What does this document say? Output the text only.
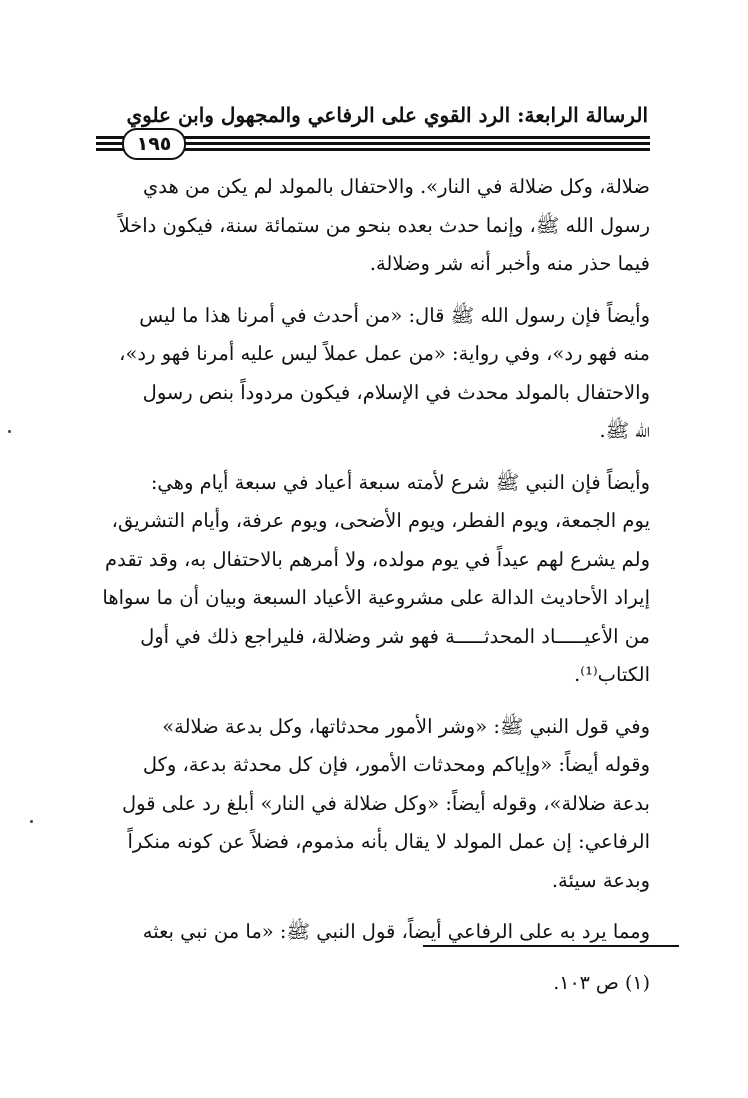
الرسالة الرابعة: الرد القوي على الرفاعي والمجهول وابن علوي
١٩٥
ضلالة، وكل ضلالة في النار». والاحتفال بالمولد لم يكن من هدي
رسول الله ﷺ، وإنما حدث بعده بنحو من ستمائة سنة، فيكون داخلاً
فيما حذر منه وأخبر أنه شر وضلالة.
وأيضاً فإن رسول الله ﷺ قال: «من أحدث في أمرنا هذا ما ليس
منه فهو رد»، وفي رواية: «من عمل عملاً ليس عليه أمرنا فهو رد»،
والاحتفال بالمولد محدث في الإسلام، فيكون مردوداً بنص رسول
الله ﷺ.
وأيضاً فإن النبي ﷺ شرع لأمته سبعة أعياد في سبعة أيام وهي:
يوم الجمعة، ويوم الفطر، ويوم الأضحى، ويوم عرفة، وأيام التشريق،
ولم يشرع لهم عيداً في يوم مولده، ولا أمرهم بالاحتفال به، وقد تقدم
إيراد الأحاديث الدالة على مشروعية الأعياد السبعة وبيان أن ما سواها
من الأعيـــــاد المحدثـــــة فهو شر وضلالة، فليراجع ذلك في أول
الكتاب⁽¹⁾.
وفي قول النبي ﷺ: «وشر الأمور محدثاتها، وكل بدعة ضلالة»
وقوله أيضاً: «وإياكم ومحدثات الأمور، فإن كل محدثة بدعة، وكل
بدعة ضلالة»، وقوله أيضاً: «وكل ضلالة في النار» أبلغ رد على قول
الرفاعي: إن عمل المولد لا يقال بأنه مذموم، فضلاً عن كونه منكراً
وبدعة سيئة.
ومما يرد به على الرفاعي أيضاً، قول النبي ﷺ: «ما من نبي بعثه
(١) ص ١٠٣.
